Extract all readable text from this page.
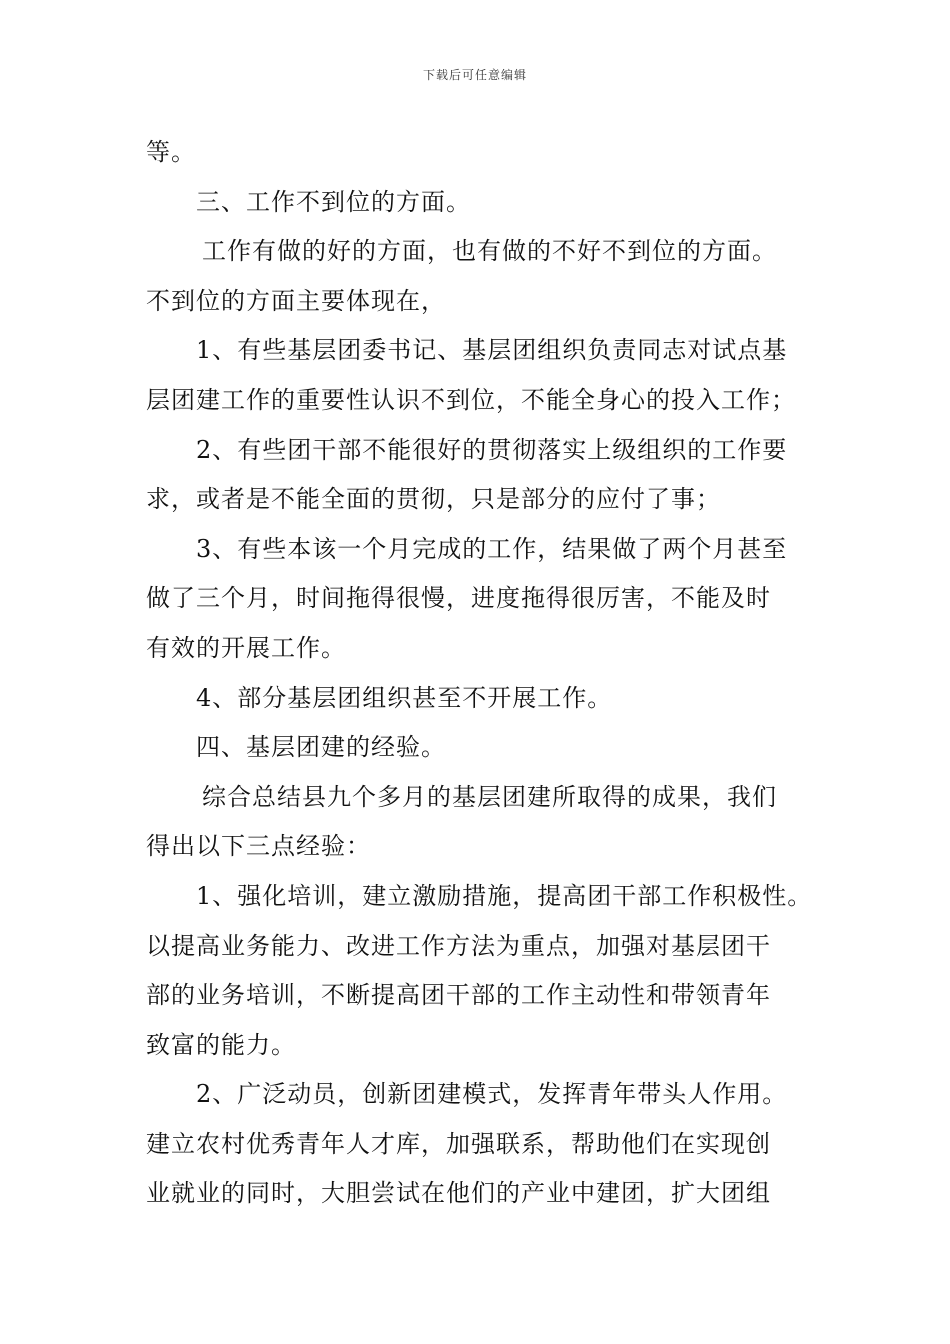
下载后可任意编辑
等。
三、工作不到位的方面。
工作有做的好的方面，也有做的不好不到位的方面。
不到位的方面主要体现在，
1、有些基层团委书记、基层团组织负责同志对试点基
层团建工作的重要性认识不到位，不能全身心的投入工作；
2、有些团干部不能很好的贯彻落实上级组织的工作要
求，或者是不能全面的贯彻，只是部分的应付了事；
3、有些本该一个月完成的工作，结果做了两个月甚至
做了三个月，时间拖得很慢，进度拖得很厉害，不能及时
有效的开展工作。
4、部分基层团组织甚至不开展工作。
四、基层团建的经验。
综合总结县九个多月的基层团建所取得的成果，我们
得出以下三点经验：
1、强化培训，建立激励措施，提高团干部工作积极性。
以提高业务能力、改进工作方法为重点，加强对基层团干
部的业务培训，不断提高团干部的工作主动性和带领青年
致富的能力。
2、广泛动员，创新团建模式，发挥青年带头人作用。
建立农村优秀青年人才库，加强联系，帮助他们在实现创
业就业的同时，大胆尝试在他们的产业中建团，扩大团组
